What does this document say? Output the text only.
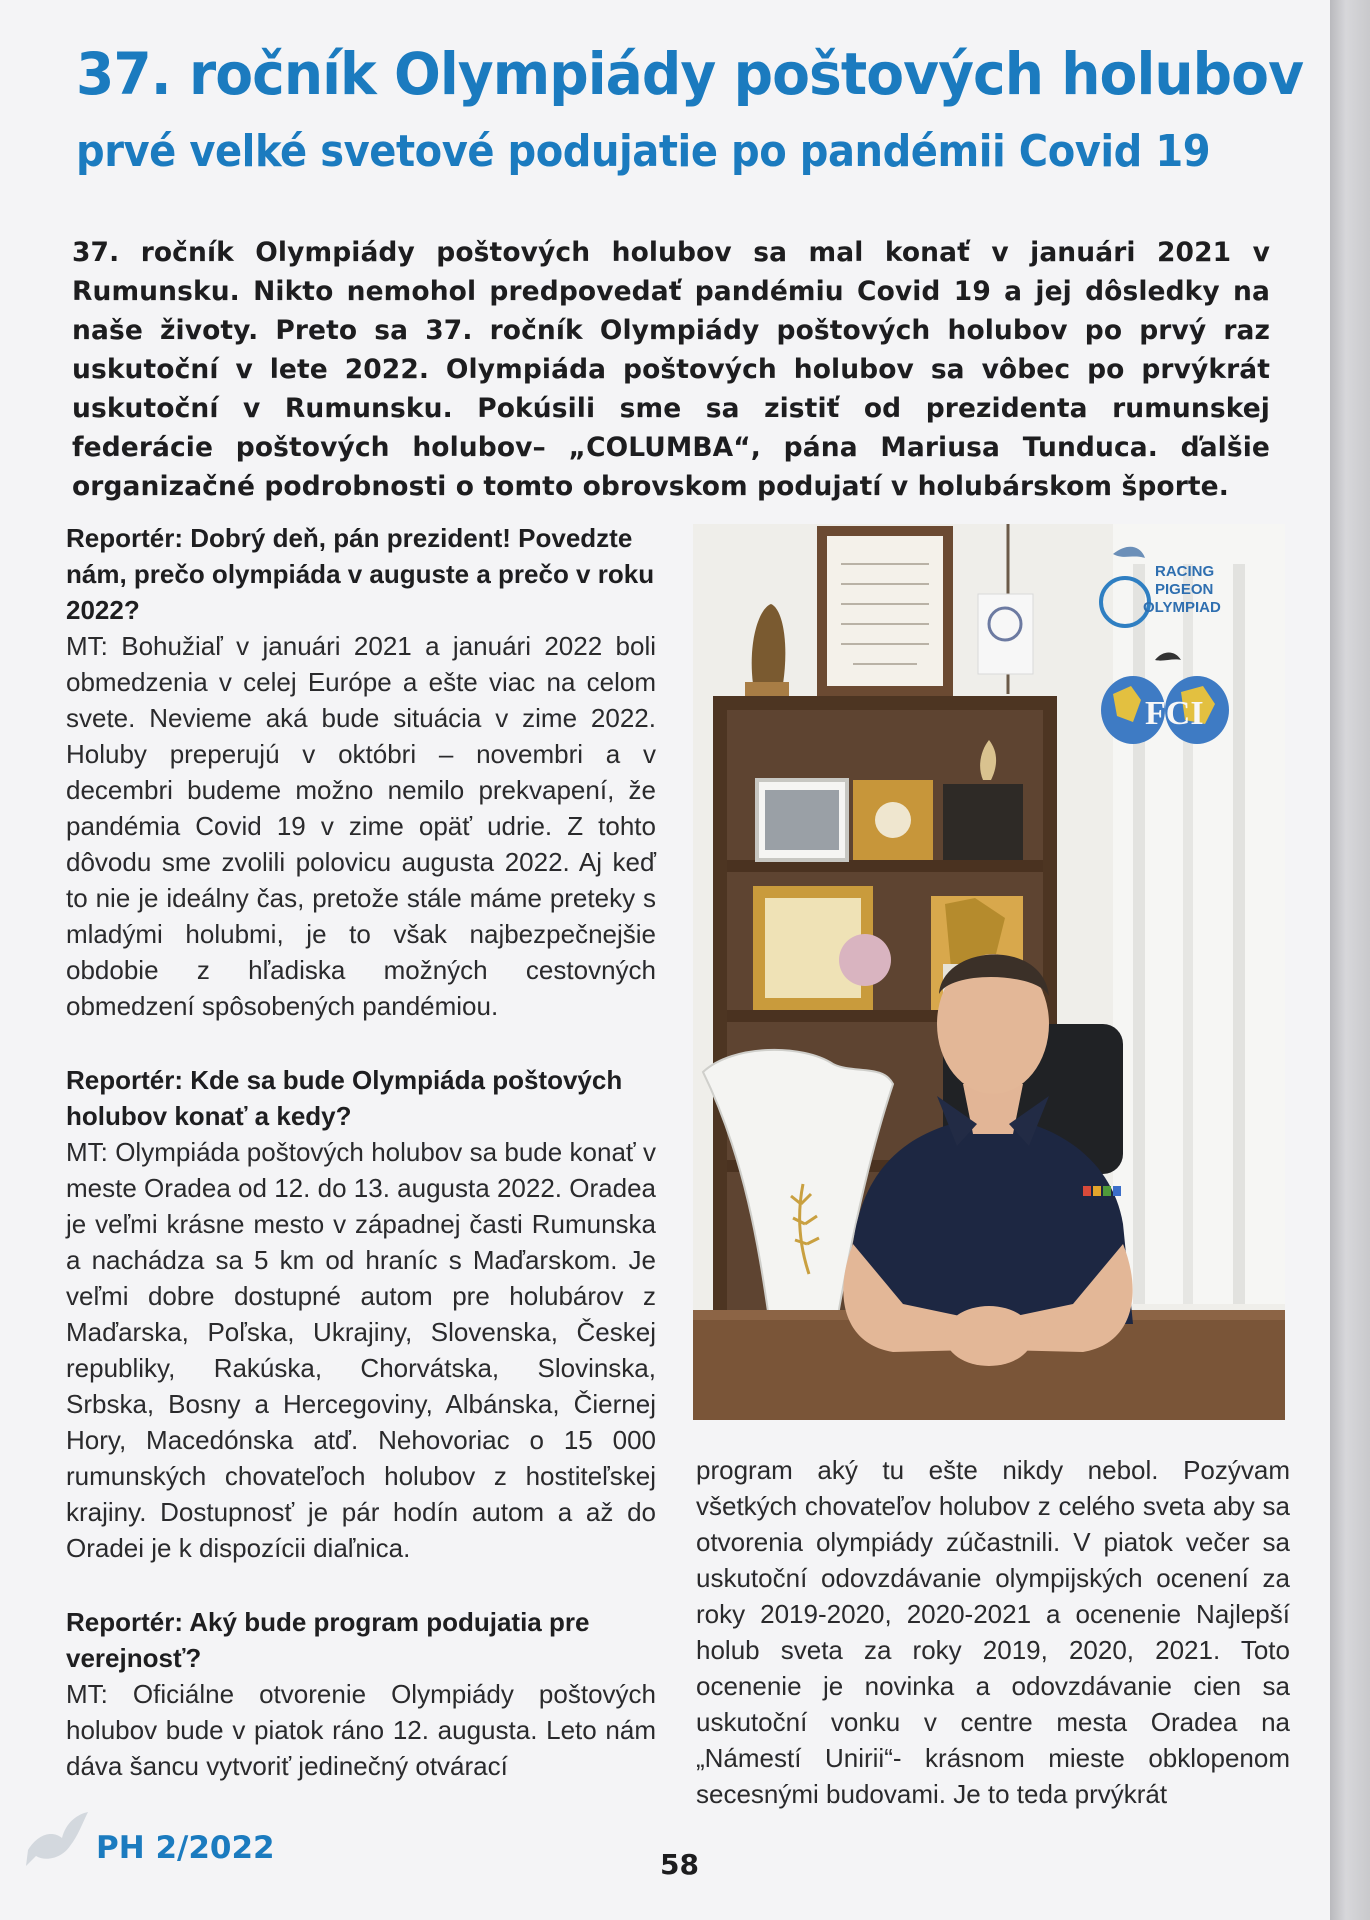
37. ročník Olympiády poštových holubov
prvé velké svetové podujatie po pandémii Covid 19

37. ročník Olympiády poštových holubov sa mal konať v januári 2021 v Rumunsku. Nikto nemohol predpovedať pandémiu Covid 19 a jej dôsledky na naše životy. Preto sa 37. ročník Olympiády poštových holubov po prvý raz uskutoční v lete 2022. Olympiáda poštových holubov sa vôbec po prvýkrát uskutoční v Rumunsku. Pokúsili sme sa zistiť od prezidenta rumunskej federácie poštových holubov– „COLUMBA“, pána Mariusa Tunduca. ďalšie organizačné podrobnosti o tomto obrovskom podujatí v holubárskom športe.

Reportér: Dobrý deň, pán prezident! Povedzte nám, prečo olympiáda v auguste a prečo v roku 2022?

MT: Bohužiaľ v januári 2021 a januári 2022 boli obmedzenia v celej Európe a ešte viac na celom svete. Nevieme aká bude situácia v zime 2022. Holuby preperujú v októbri – novembri a v decembri budeme možno nemilo prekvapení, že pandémia Covid 19 v zime opäť udrie. Z tohto dôvodu sme zvolili polovicu augusta 2022. Aj keď to nie je ideálny čas, pretože stále máme preteky s mladými holubmi, je to však najbezpečnejšie obdobie z hľadiska možných cestovných obmedzení spôsobených pandémiou.

Reportér: Kde sa bude Olympiáda poštových holubov konať a kedy?

MT: Olympiáda poštových holubov sa bude konať v meste Oradea od 12. do 13. augusta 2022. Oradea je veľmi krásne mesto v západnej časti Rumunska a nachádza sa 5 km od hraníc s Maďarskom. Je veľmi dobre dostupné autom pre holubárov z Maďarska, Poľska, Ukrajiny, Slovenska, Českej republiky, Rakúska, Chorvátska, Slovinska, Srbska, Bosny a Hercegoviny, Albánska, Čiernej Hory, Macedónska atď. Nehovoriac o 15 000 rumunských chovateľoch holubov z hostiteľskej krajiny. Dostupnosť je pár hodín autom a až do Oradei je k dispozícii diaľnica.

Reportér: Aký bude program podujatia pre verejnosť?

MT: Oficiálne otvorenie Olympiády poštových holubov bude v piatok ráno 12. augusta. Leto nám dáva šancu vytvoriť jedinečný otvárací

RACING
PIGEON
OLYMPIAD
FCI

program aký tu ešte nikdy nebol. Pozývam všetkých chovateľov holubov z celého sveta aby sa otvorenia olympiády zúčastnili. V piatok večer sa uskutoční odovzdávanie olympijských ocenení za roky 2019-2020, 2020-2021 a ocenenie Najlepší holub sveta za roky 2019, 2020, 2021. Toto ocenenie je novinka a odovzdávanie cien sa uskutoční vonku v centre mesta Oradea na „Námestí Unirii“- krásnom mieste obklopenom secesnými budovami. Je to teda prvýkrát

PH 2/2022	58
